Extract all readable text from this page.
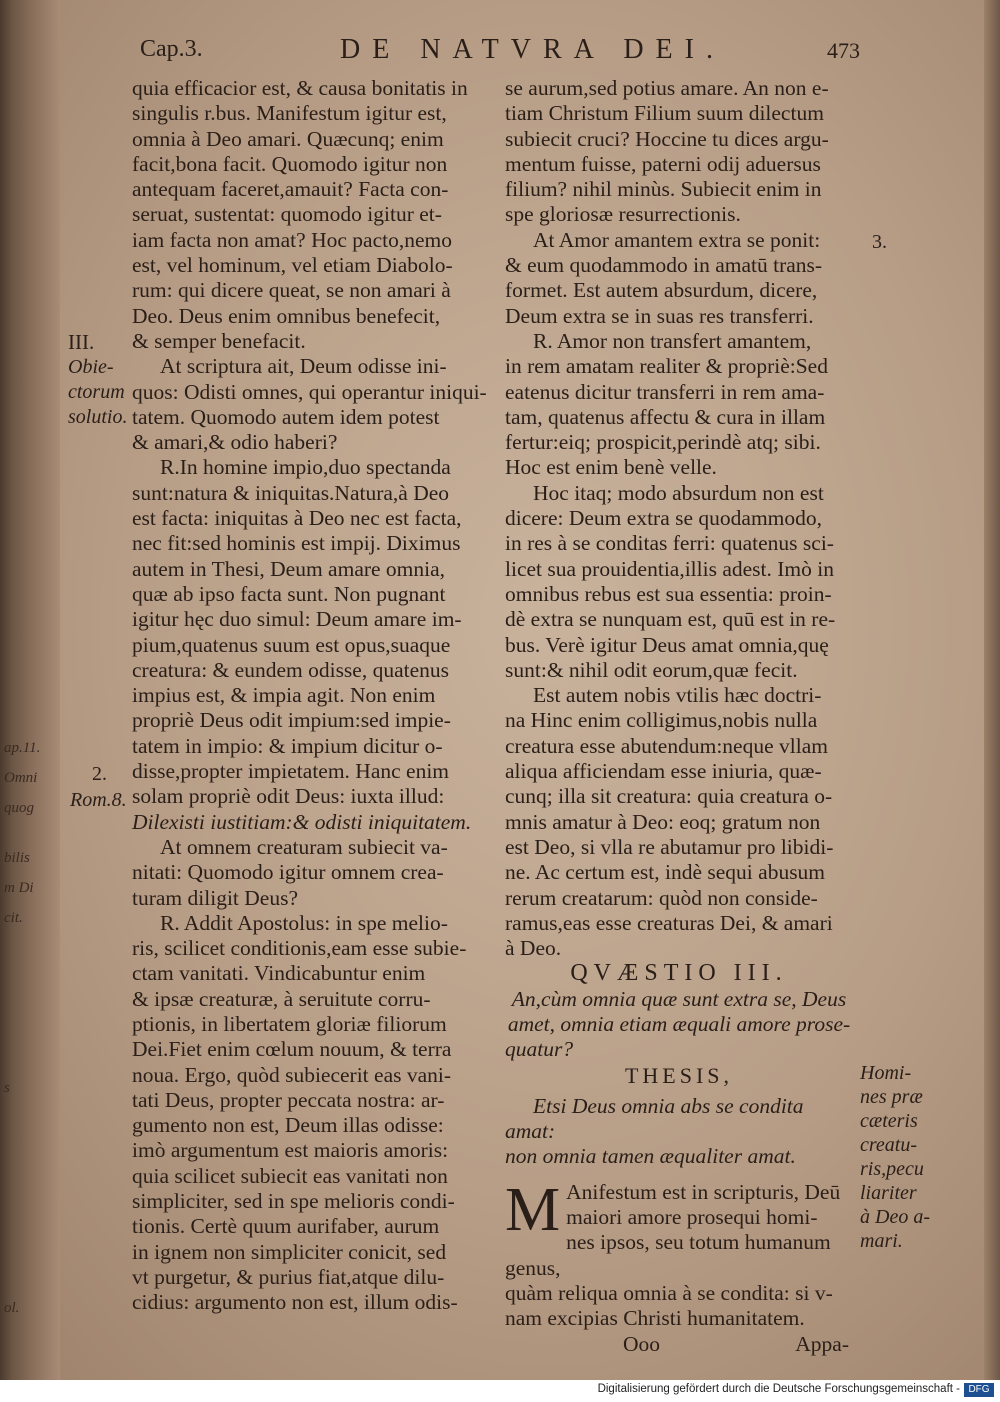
ap.11.
Omni
quog
bilis
m Di
cit.
s
ol.
Cap.3.	DE NATVRA DEI.	473

quia efficacior est, & causa bonitatis in

singulis r.bus. Manifestum igitur est,

omnia à Deo amari. Quæcunq; enim

facit,bona facit. Quomodo igitur non

antequam faceret,amauit? Facta con-

seruat, sustentat: quomodo igitur et-

iam facta non amat? Hoc pacto,nemo

est, vel hominum, vel etiam Diabolo-

rum: qui dicere queat, se non amari à

Deo. Deus enim omnibus benefecit,

& semper benefacit.

At scriptura ait, Deum odisse ini-

quos: Odisti omnes, qui operantur iniqui-

tatem. Quomodo autem idem potest

& amari,& odio haberi?

R.In homine impio,duo spectanda

sunt:natura & iniquitas.Natura,à Deo

est facta: iniquitas à Deo nec est facta,

nec fit:sed hominis est impij. Diximus

autem in Thesi, Deum amare omnia,

quæ ab ipso facta sunt. Non pugnant

igitur hęc duo simul: Deum amare im-

pium,quatenus suum est opus,suaque

creatura: & eundem odisse, quatenus

impius est, & impia agit. Non enim

propriè Deus odit impium:sed impie-

tatem in impio: & impium dicitur o-

disse,propter impietatem. Hanc enim

solam propriè odit Deus: iuxta illud:

Dilexisti iustitiam:& odisti iniquitatem.

At omnem creaturam subiecit va-

nitati: Quomodo igitur omnem crea-

turam diligit Deus?

R. Addit Apostolus: in spe melio-

ris, scilicet conditionis,eam esse subie-

ctam vanitati. Vindicabuntur enim

& ipsæ creaturæ, à seruitute corru-

ptionis, in libertatem gloriæ filiorum

Dei.Fiet enim cœlum nouum, & terra

noua. Ergo, quòd subiecerit eas vani-

tati Deus, propter peccata nostra: ar-

gumento non est, Deum illas odisse:

imò argumentum est maioris amoris:

quia scilicet subiecit eas vanitati non

simpliciter, sed in spe melioris condi-

tionis. Certè quum aurifaber, aurum

in ignem non simpliciter conicit, sed

vt purgetur, & purius fiat,atque dilu-

cidius: argumento non est, illum odis-

III.
Obie-
ctorum
solutio.
2.
Rom.8.

se aurum,sed potius amare. An non e-

tiam Christum Filium suum dilectum

subiecit cruci? Hoccine tu dices argu-

mentum fuisse, paterni odij aduersus

filium? nihil minùs. Subiecit enim in

spe gloriosæ resurrectionis.

At Amor amantem extra se ponit:

& eum quodammodo in amatū trans-

formet. Est autem absurdum, dicere,

Deum extra se in suas res transferri.

R. Amor non transfert amantem,

in rem amatam realiter & propriè:Sed

eatenus dicitur transferri in rem ama-

tam, quatenus affectu & cura in illam

fertur:eiq; prospicit,perindè atq; sibi.

Hoc est enim benè velle.

Hoc itaq; modo absurdum non est

dicere: Deum extra se quodammodo,

in res à se conditas ferri: quatenus sci-

licet sua prouidentia,illis adest. Imò in

omnibus rebus est sua essentia: proin-

dè extra se nunquam est, quū est in re-

bus. Verè igitur Deus amat omnia,quę

sunt:& nihil odit eorum,quæ fecit.

Est autem nobis vtilis hæc doctri-

na Hinc enim colligimus,nobis nulla

creatura esse abutendum:neque vllam

aliqua afficiendam esse iniuria, quæ-

cunq; illa sit creatura: quia creatura o-

mnis amatur à Deo: eoq; gratum non

est Deo, si vlla re abutamur pro libidi-

ne. Ac certum est, indè sequi abusum

rerum creatarum: quòd non conside-

ramus,eas esse creaturas Dei, & amari

à Deo.

QVÆSTIO III.

An,cùm omnia quæ sunt extra se, Deus

amet, omnia etiam æquali amore prose-

quatur?

THESIS,

Etsi Deus omnia abs se condita amat:

non omnia tamen æqualiter amat.

M Anifestum est in scripturis, Deū

maiori amore prosequi homi-

nes ipsos, seu totum humanum genus,

quàm reliqua omnia à se condita: si v-

nam excipias Christi humanitatem.

Ooo	Appa-

3.
Homi-
nes præ
cæteris
creatu-
ris,pecu
liariter
à Deo a-
mari.
Digitalisierung gefördert durch die Deutsche Forschungsgemeinschaft - DFG
